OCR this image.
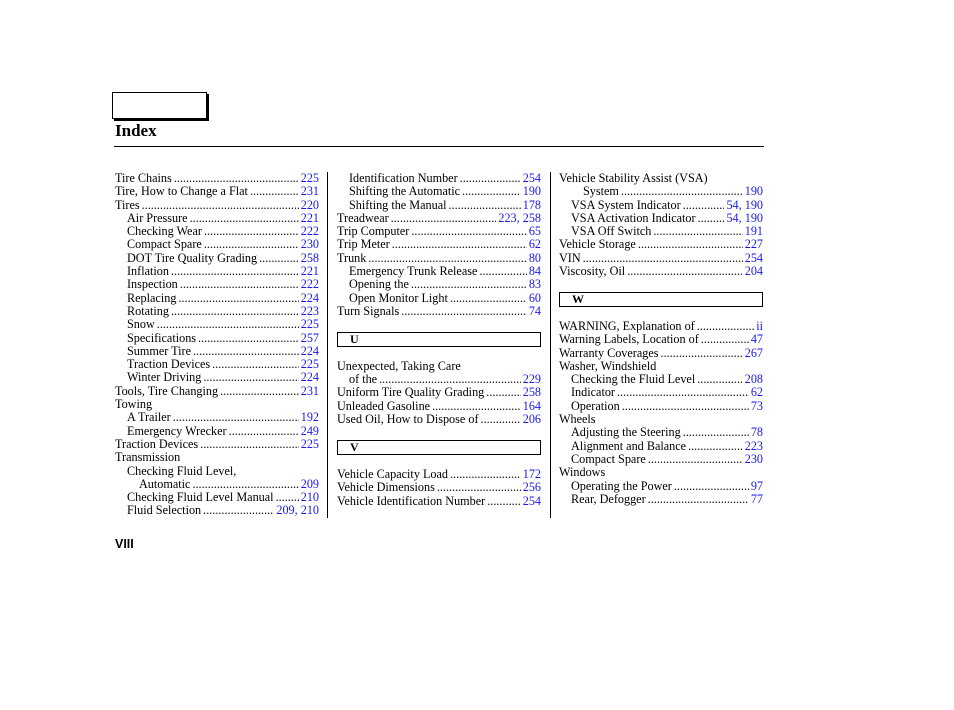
Index
Tire Chains .....	225
Tire, How to Change a Flat .....	231
Tires .....	220
Air Pressure .....	221
Checking Wear .....	222
Compact Spare .....	230
DOT Tire Quality Grading .....	258
Inflation .....	221
Inspection .....	222
Replacing .....	224
Rotating .....	223
Snow .....	225
Specifications .....	257
Summer Tire .....	224
Traction Devices .....	225
Winter Driving .....	224
Tools, Tire Changing .....	231
Towing
A Trailer .....	192
Emergency Wrecker .....	249
Traction Devices .....	225
Transmission
Checking Fluid Level,
Automatic .....	209
Checking Fluid Level Manual ..... 210
Fluid Selection .....	209, 210
Identification Number .....	254
Shifting the Automatic .....	190
Shifting the Manual .....	178
Treadwear .....	223, 258
Trip Computer .....	65
Trip Meter .....	62
Trunk .....	80
Emergency Trunk Release .....	84
Opening the .....	83
Open Monitor Light .....	60
Turn Signals .....	74
U
Unexpected, Taking Care
of the .....	229
Uniform Tire Quality Grading .....	258
Unleaded Gasoline .....	164
Used Oil, How to Dispose of .....	206
V
Vehicle Capacity Load .....	172
Vehicle Dimensions .....	256
Vehicle Identification Number .....	254
Vehicle Stability Assist (VSA)
System .....	190
VSA System Indicator .....	54, 190
VSA Activation Indicator .....	54, 190
VSA Off Switch .....	191
Vehicle Storage .....	227
VIN .....	254
Viscosity, Oil .....	204
W
WARNING, Explanation of .....	ii
Warning Labels, Location of .....	47
Warranty Coverages .....	267
Washer, Windshield
Checking the Fluid Level .....	208
Indicator .....	62
Operation .....	73
Wheels
Adjusting the Steering .....	78
Alignment and Balance .....	223
Compact Spare .....	230
Windows
Operating the Power .....	97
Rear, Defogger .....	77
VIII
